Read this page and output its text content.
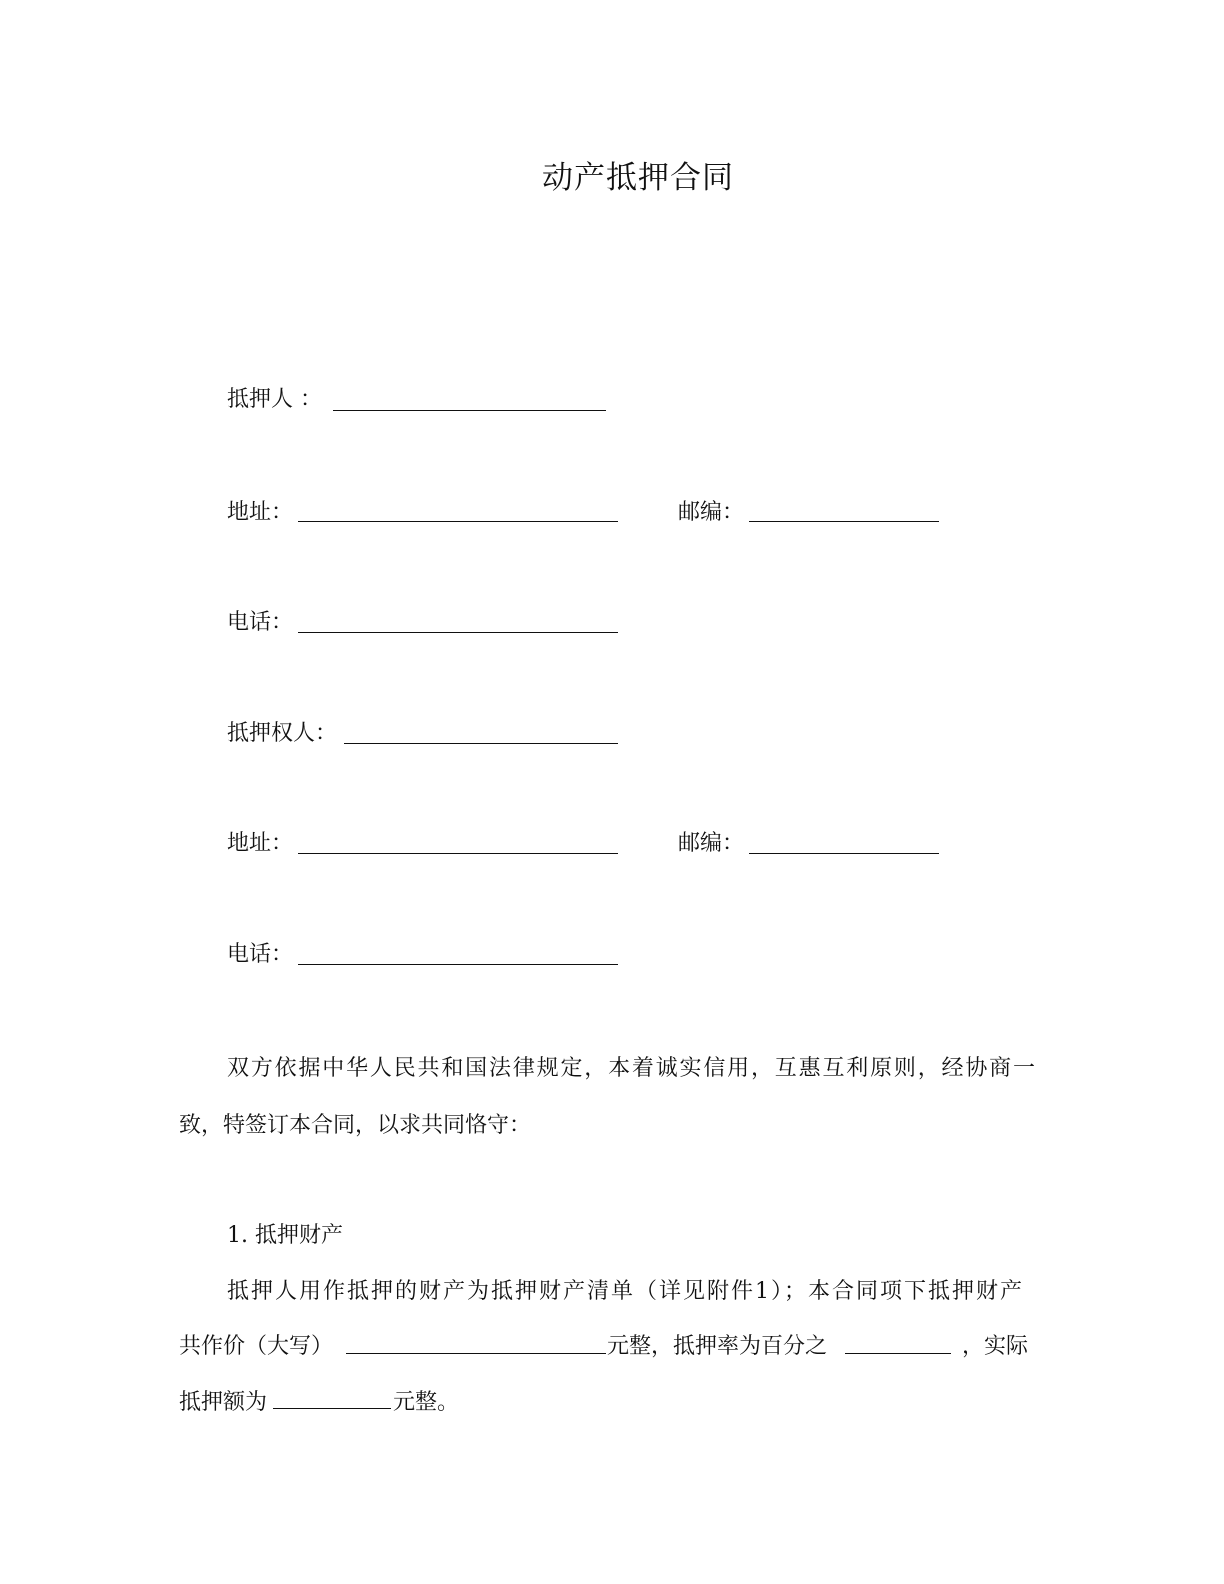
动产抵押合同
抵押人 ：
地址：	邮编：
电话：
抵押权人：
地址：	邮编：
电话：
双方依据中华人民共和国法律规定，本着诚实信用，互惠互利原则，经协商一
致，特签订本合同，以求共同恪守：
1. 抵押财产
抵押人用作抵押的财产为抵押财产清单（详见附件1）；本合同项下抵押财产
共作价（大写）	元整，抵押率为百分之	，实际
抵押额为	元整。
